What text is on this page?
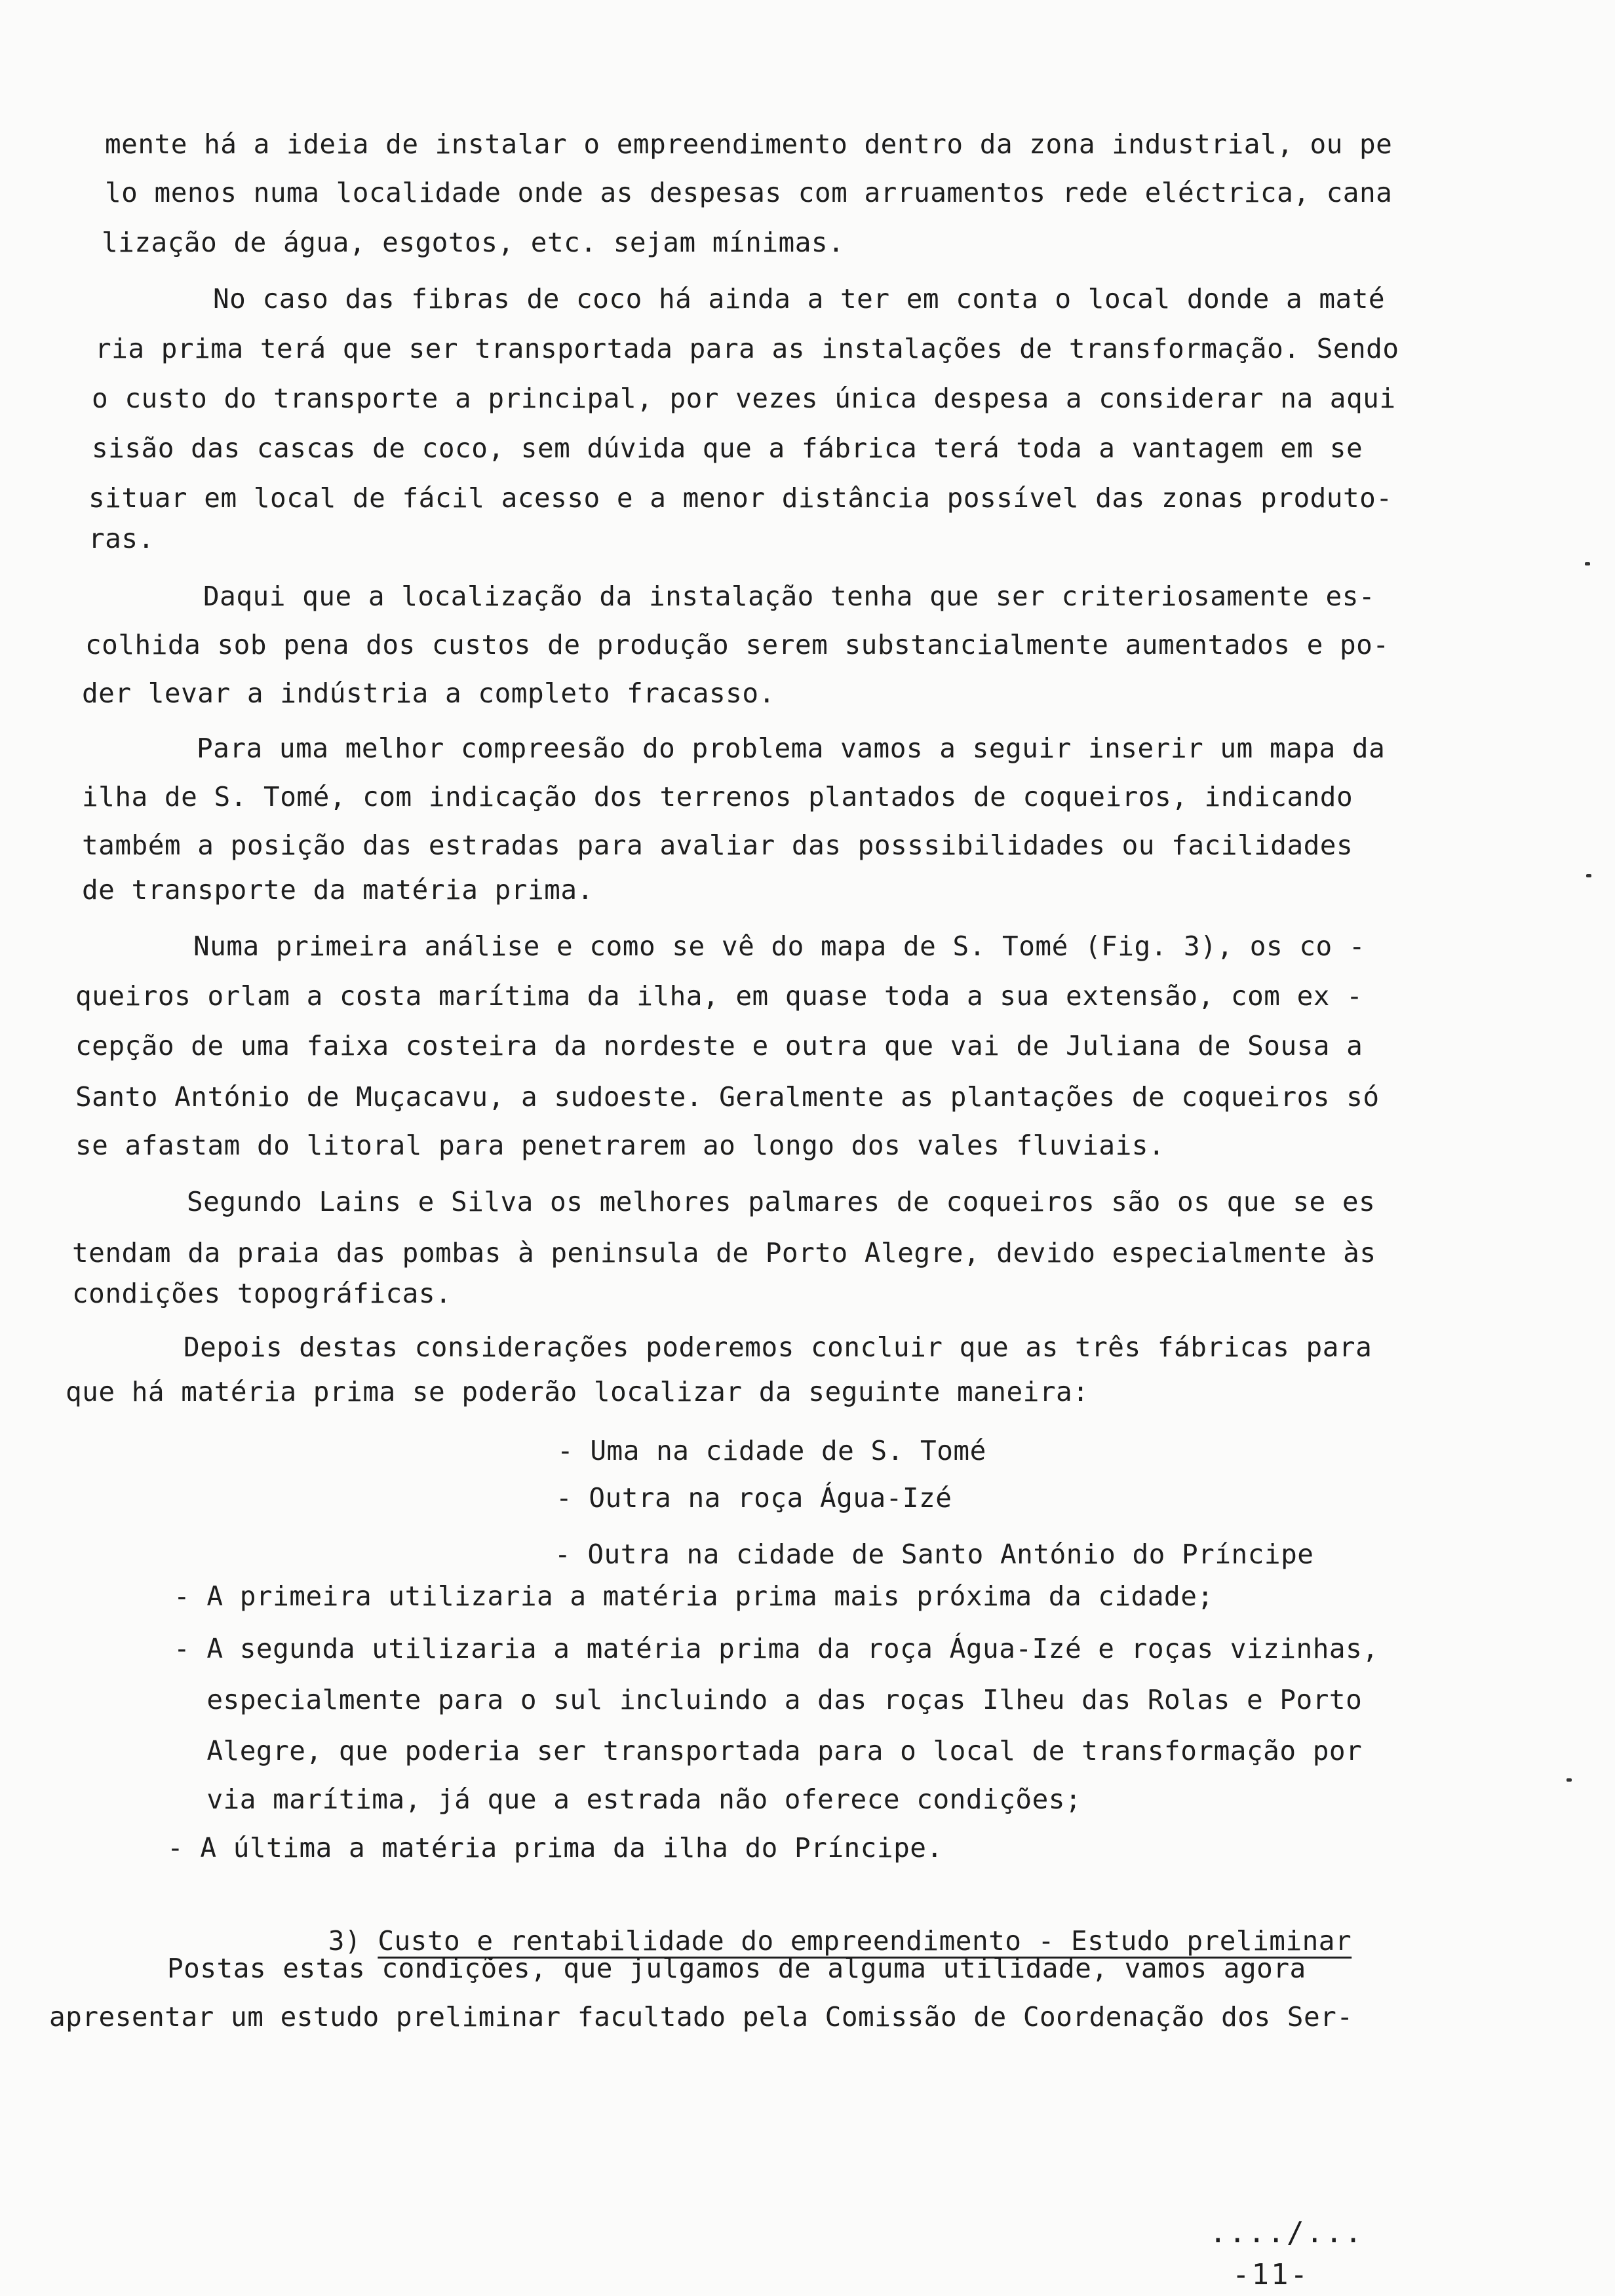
mente há a ideia de instalar o empreendimento dentro da zona industrial, ou pe
lo menos numa localidade onde as despesas com arruamentos rede eléctrica, cana
lização de água, esgotos, etc. sejam mínimas.
No caso das fibras de coco há ainda a ter em conta o local donde a maté
ria prima terá que ser transportada para as instalações de transformação. Sendo
o custo do transporte a principal, por vezes única despesa a considerar na aqui
sisão das cascas de coco, sem dúvida que a fábrica terá toda a vantagem em se
situar em local de fácil acesso e a menor distância possível das zonas produto-
ras.
Daqui que a localização da instalação tenha que ser criteriosamente es-
colhida sob pena dos custos de produção serem substancialmente aumentados e po-
der levar a indústria a completo fracasso.
Para uma melhor compreesão do problema vamos a seguir inserir um mapa da
ilha de S. Tomé, com indicação dos terrenos plantados de coqueiros, indicando
também a posição das estradas para avaliar das posssibilidades ou facilidades
de transporte da matéria prima.
Numa primeira análise e como se vê do mapa de S. Tomé (Fig. 3), os co -
queiros orlam a costa marítima da ilha, em quase toda a sua extensão, com ex -
cepção de uma faixa costeira da nordeste e outra que vai de Juliana de Sousa a
Santo António de Muçacavu, a sudoeste. Geralmente as plantações de coqueiros só
se afastam do litoral para penetrarem ao longo dos vales fluviais.
Segundo Lains e Silva os melhores palmares de coqueiros são os que se es
tendam da praia das pombas à peninsula de Porto Alegre, devido especialmente às
condições topográficas.
Depois destas considerações poderemos concluir que as três fábricas para
que há matéria prima se poderão localizar da seguinte maneira:
- Uma na cidade de S. Tomé
- Outra na roça Água-Izé
- Outra na cidade de Santo António do Príncipe
- A primeira utilizaria a matéria prima mais próxima da cidade;
- A segunda utilizaria a matéria prima da roça Água-Izé e roças vizinhas,
especialmente para o sul incluindo a das roças Ilheu das Rolas e Porto
Alegre, que poderia ser transportada para o local de transformação por
via marítima, já que a estrada não oferece condições;
- A última a matéria prima da ilha do Príncipe.

3) Custo e rentabilidade do empreendimento - Estudo preliminar

Postas estas condições, que julgamos de alguma utilidade, vamos agora
apresentar um estudo preliminar facultado pela Comissão de Coordenação dos Ser-
..../...
-11-
